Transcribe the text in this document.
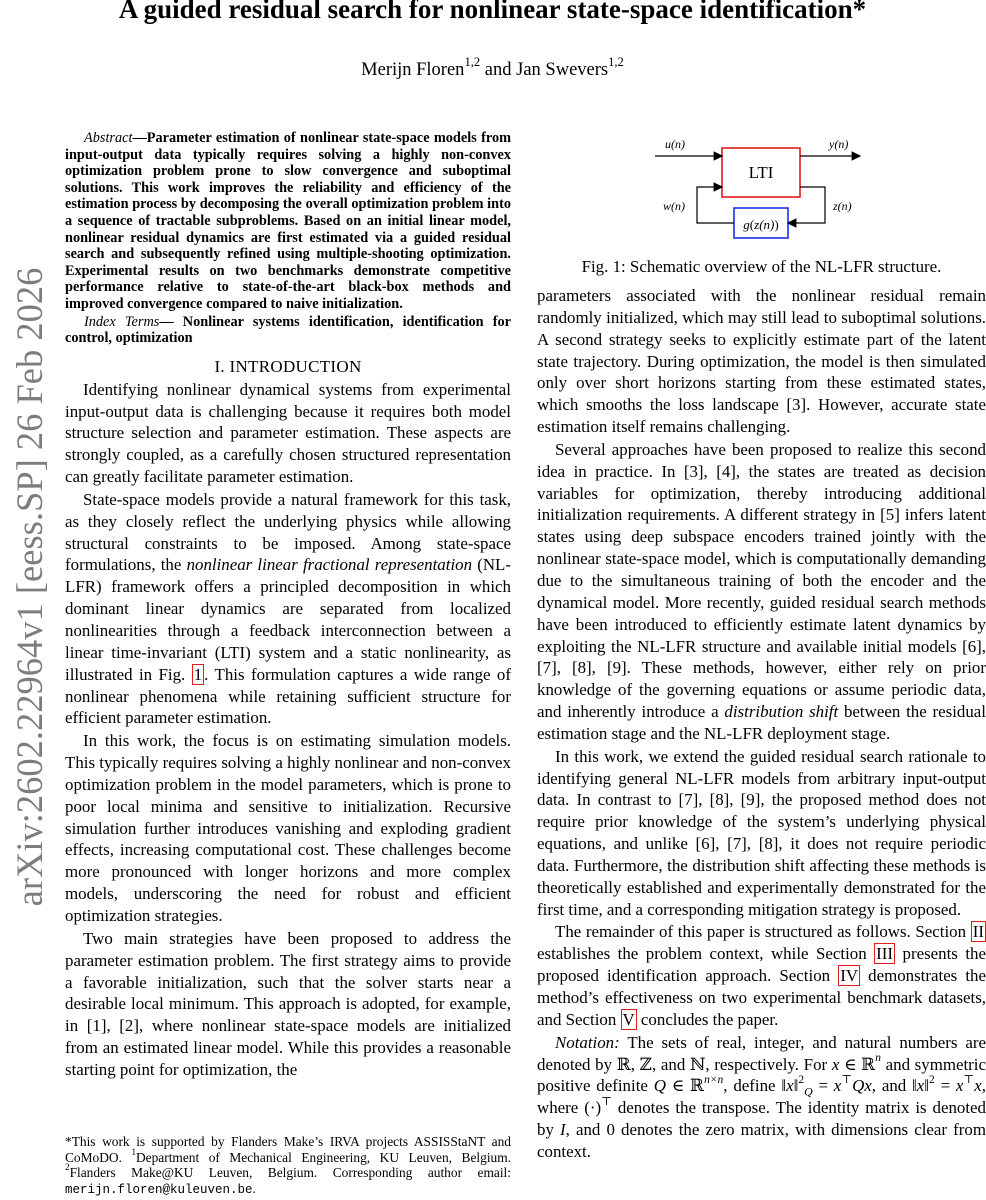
A guided residual search for nonlinear state-space identification*
Merijn Floren$^{1,2}$ and Jan Swevers$^{1,2}$
arXiv:2602.22964v1 [eess.SP] 26 Feb 2026

Abstract—Parameter estimation of nonlinear state-space models from input-output data typically requires solving a highly non-convex optimization problem prone to slow convergence and suboptimal solutions. This work improves the reliability and efficiency of the estimation process by decomposing the overall optimization problem into a sequence of tractable subproblems. Based on an initial linear model, nonlinear residual dynamics are first estimated via a guided residual search and subsequently refined using multiple-shooting optimization. Experimental results on two benchmarks demonstrate competitive performance relative to state-of-the-art black-box methods and improved convergence compared to naive initialization.

Index Terms— Nonlinear systems identification, identification for control, optimization

I. INTRODUCTION

Identifying nonlinear dynamical systems from experimental input-output data is challenging because it requires both model structure selection and parameter estimation. These aspects are strongly coupled, as a carefully chosen structured representation can greatly facilitate parameter estimation.

State-space models provide a natural framework for this task, as they closely reflect the underlying physics while allowing structural constraints to be imposed. Among state-space formulations, the nonlinear linear fractional representation (NL-LFR) framework offers a principled decomposition in which dominant linear dynamics are separated from localized nonlinearities through a feedback interconnection between a linear time-invariant (LTI) system and a static nonlinearity, as illustrated in Fig. 1 . This formulation captures a wide range of nonlinear phenomena while retaining sufficient structure for efficient parameter estimation.

In this work, the focus is on estimating simulation models. This typically requires solving a highly nonlinear and non-convex optimization problem in the model parameters, which is prone to poor local minima and sensitive to initialization. Recursive simulation further introduces vanishing and exploding gradient effects, increasing computational cost. These challenges become more pronounced with longer horizons and more complex models, underscoring the need for robust and efficient optimization strategies.

Two main strategies have been proposed to address the parameter estimation problem. The first strategy aims to provide a favorable initialization, such that the solver starts near a desirable local minimum. This approach is adopted, for example, in [1], [2], where nonlinear state-space models are initialized from an estimated linear model. While this provides a reasonable starting point for optimization, the

*This work is supported by Flanders Make’s IRVA projects ASSISStaNT and CoMoDO. $^1$Department of Mechanical Engineering, KU Leuven, Belgium. $^2$Flanders Make@KU Leuven, Belgium. Corresponding author email: merijn.floren@kuleuven.be.
LTI
g(z(n))
u(n)	y(n)
w(n)	z(n)
Fig. 1: Schematic overview of the NL-LFR structure.

parameters associated with the nonlinear residual remain randomly initialized, which may still lead to suboptimal solutions. A second strategy seeks to explicitly estimate part of the latent state trajectory. During optimization, the model is then simulated only over short horizons starting from these estimated states, which smooths the loss landscape [3]. However, accurate state estimation itself remains challenging.

Several approaches have been proposed to realize this second idea in practice. In [3], [4], the states are treated as decision variables for optimization, thereby introducing additional initialization requirements. A different strategy in [5] infers latent states using deep subspace encoders trained jointly with the nonlinear state-space model, which is computationally demanding due to the simultaneous training of both the encoder and the dynamical model. More recently, guided residual search methods have been introduced to efficiently estimate latent dynamics by exploiting the NL-LFR structure and available initial models [6], [7], [8], [9]. These methods, however, either rely on prior knowledge of the governing equations or assume periodic data, and inherently introduce a distribution shift between the residual estimation stage and the NL-LFR deployment stage.

In this work, we extend the guided residual search rationale to identifying general NL-LFR models from arbitrary input-output data. In contrast to [7], [8], [9], the proposed method does not require prior knowledge of the system’s underlying physical equations, and unlike [6], [7], [8], it does not require periodic data. Furthermore, the distribution shift affecting these methods is theoretically established and experimentally demonstrated for the first time, and a corresponding mitigation strategy is proposed.

The remainder of this paper is structured as follows. Section II establishes the problem context, while Section III presents the proposed identification approach. Section IV demonstrates the method’s effectiveness on two experimental benchmark datasets, and Section V concludes the paper.

Notation: The sets of real, integer, and natural numbers are denoted by ℝ, ℤ, and ℕ, respectively. For x ∈ ℝ$^n$ and symmetric positive definite Q ∈ ℝ$^{n\times n}$, define ‖x‖$^2_Q$ = x⊤Qx, and ‖x‖$^2$ = x⊤x, where (·)⊤ denotes the transpose. The identity matrix is denoted by I, and 0 denotes the zero matrix, with dimensions clear from context.
